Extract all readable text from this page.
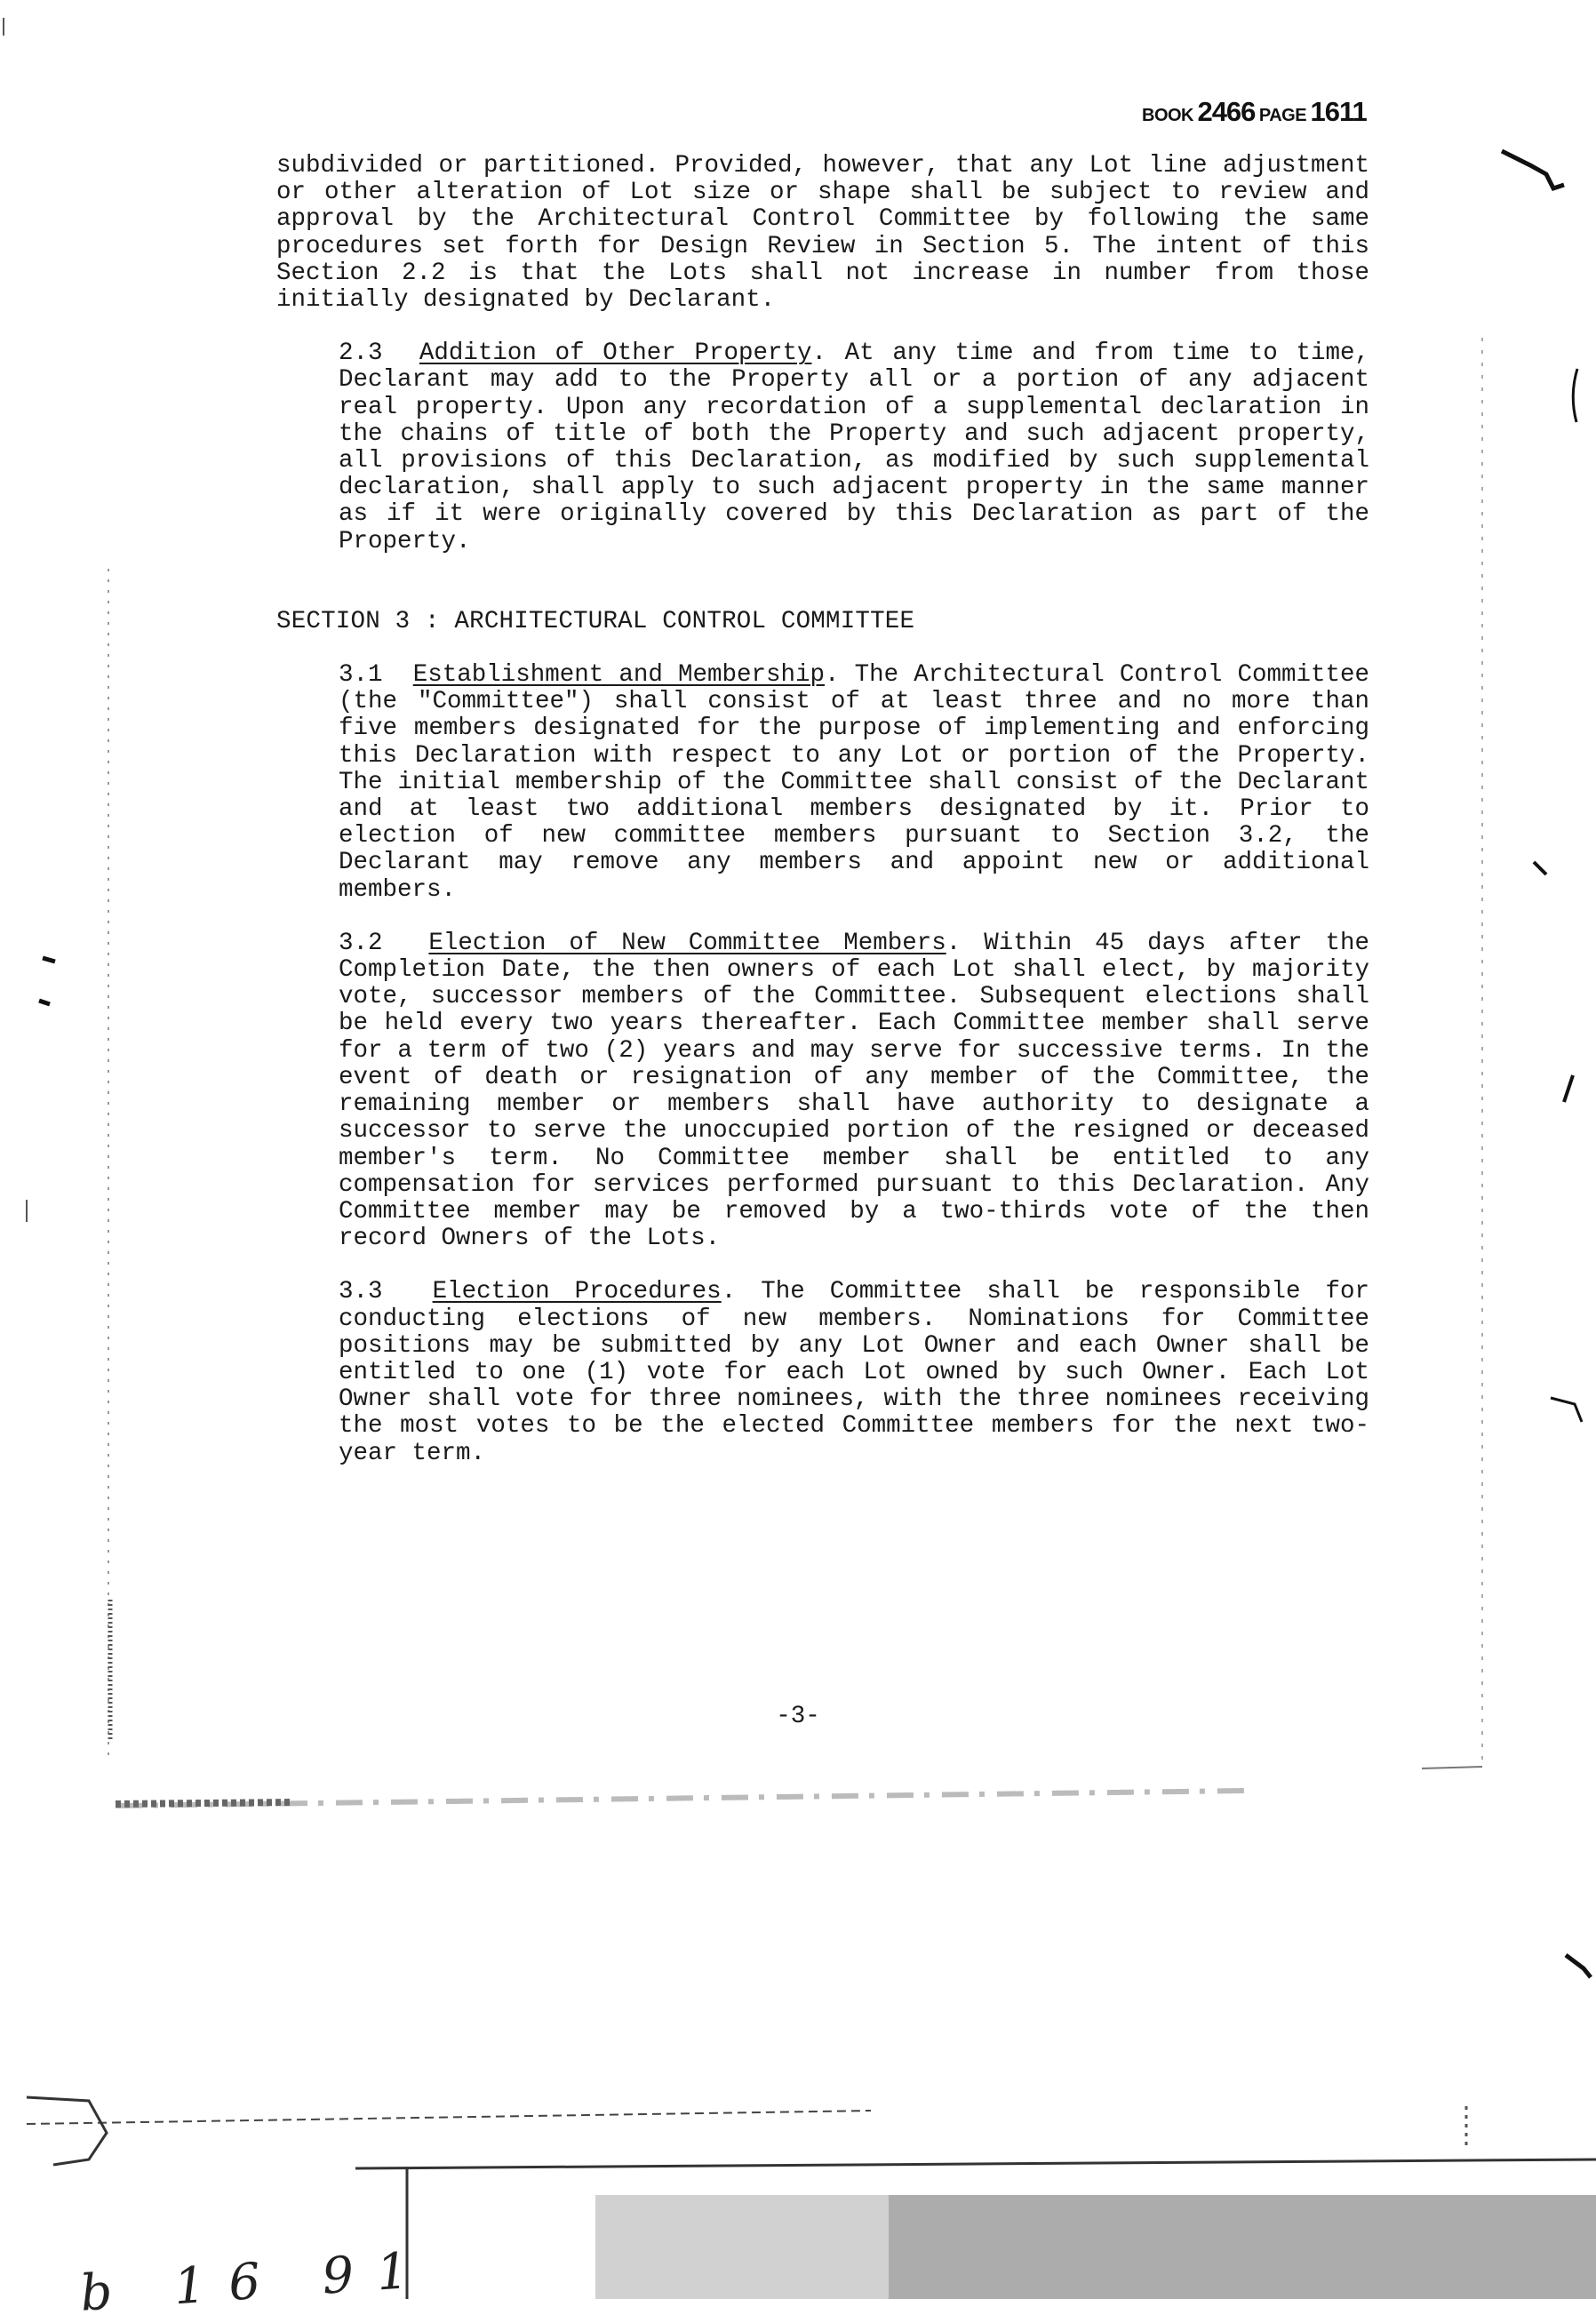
BOOK 2466 PAGE 1611

subdivided or partitioned. Provided, however, that any Lot line adjustment or other alteration of Lot size or shape shall be subject to review and approval by the Architectural Control Committee by following the same procedures set forth for Design Review in Section 5. The intent of this Section 2.2 is that the Lots shall not increase in number from those initially designated by Declarant.

2.3 Addition of Other Property. At any time and from time to time, Declarant may add to the Property all or a portion of any adjacent real property. Upon any recordation of a supplemental declaration in the chains of title of both the Property and such adjacent property, all provisions of this Declaration, as modified by such supplemental declaration, shall apply to such adjacent property in the same manner as if it were originally covered by this Declaration as part of the Property.

SECTION 3 : ARCHITECTURAL CONTROL COMMITTEE

3.1 Establishment and Membership. The Architectural Control Committee (the "Committee") shall consist of at least three and no more than five members designated for the purpose of implementing and enforcing this Declaration with respect to any Lot or portion of the Property. The initial membership of the Committee shall consist of the Declarant and at least two additional members designated by it. Prior to election of new committee members pursuant to Section 3.2, the Declarant may remove any members and appoint new or additional members.

3.2 Election of New Committee Members. Within 45 days after the Completion Date, the then owners of each Lot shall elect, by majority vote, successor members of the Committee. Subsequent elections shall be held every two years thereafter. Each Committee member shall serve for a term of two (2) years and may serve for successive terms. In the event of death or resignation of any member of the Committee, the remaining member or members shall have authority to designate a successor to serve the unoccupied portion of the resigned or deceased member's term. No Committee member shall be entitled to any compensation for services performed pursuant to this Declaration. Any Committee member may be removed by a two-thirds vote of the then record Owners of the Lots.

3.3 Election Procedures. The Committee shall be responsible for conducting elections of new members. Nominations for Committee positions may be submitted by any Lot Owner and each Owner shall be entitled to one (1) vote for each Lot owned by such Owner. Each Lot Owner shall vote for three nominees, with the three nominees receiving the most votes to be the elected Committee members for the next two-year term.

-3-
b 16 91
